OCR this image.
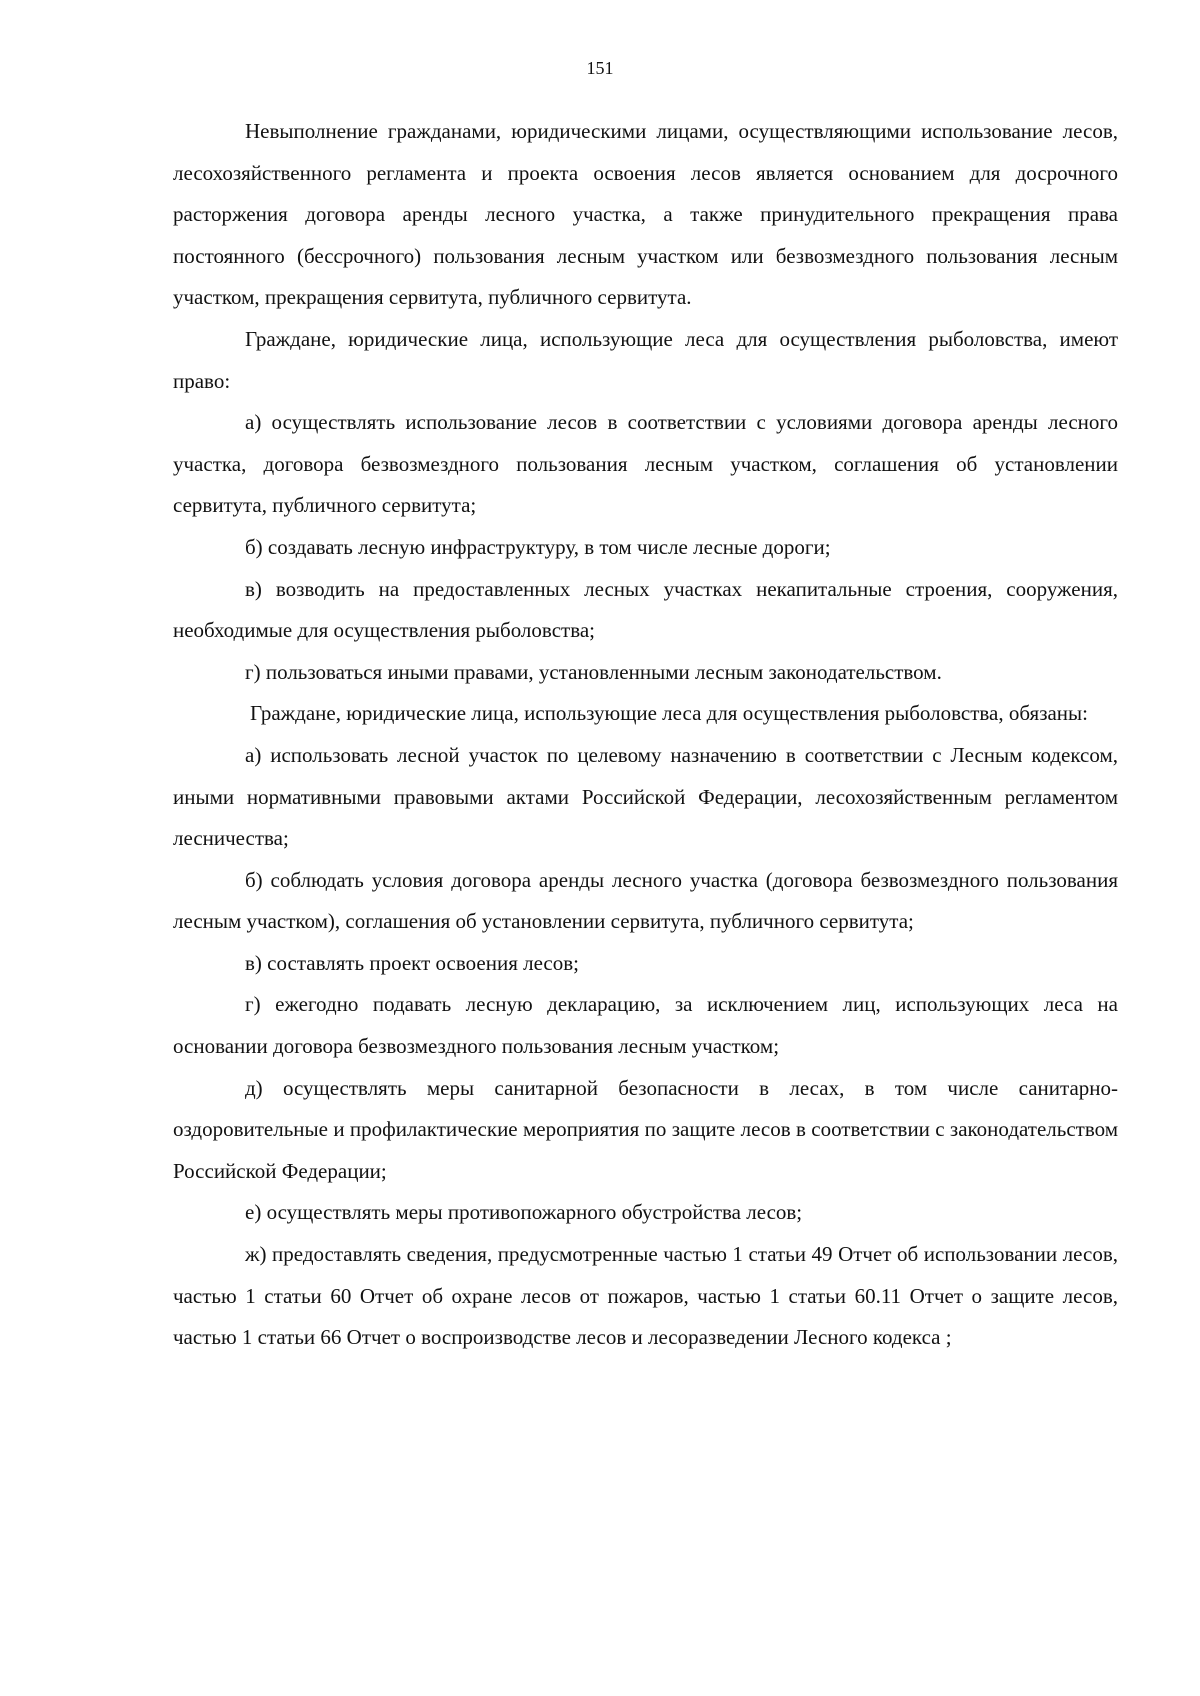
151

Невыполнение гражданами, юридическими лицами, осуществляющими использование лесов, лесохозяйственного регламента и проекта освоения лесов является основанием для досрочного расторжения договора аренды лесного участка, а также принудительного прекращения права постоянного (бессрочного) пользования лесным участком или безвозмездного пользования лесным участком, прекращения сервитута, публичного сервитута.

Граждане, юридические лица, использующие леса для осуществления рыболовства, имеют право:

а) осуществлять использование лесов в соответствии с условиями договора аренды лесного участка, договора безвозмездного пользования лесным участком, соглашения об установлении сервитута, публичного сервитута;

б) создавать лесную инфраструктуру, в том числе лесные дороги;

в) возводить на предоставленных лесных участках некапитальные строения, сооружения, необходимые для осуществления рыболовства;

г) пользоваться иными правами, установленными лесным законодательством.

Граждане, юридические лица, использующие леса для осуществления рыболовства, обязаны:

а) использовать лесной участок по целевому назначению в соответствии с Лесным кодексом, иными нормативными правовыми актами Российской Федерации, лесохозяйственным регламентом лесничества;

б) соблюдать условия договора аренды лесного участка (договора безвозмездного пользования лесным участком), соглашения об установлении сервитута, публичного сервитута;

в) составлять проект освоения лесов;

г) ежегодно подавать лесную декларацию, за исключением лиц, использующих леса на основании договора безвозмездного пользования лесным участком;

д) осуществлять меры санитарной безопасности в лесах, в том числе санитарно-оздоровительные и профилактические мероприятия по защите лесов в соответствии с законодательством Российской Федерации;

е) осуществлять меры противопожарного обустройства лесов;

ж) предоставлять сведения, предусмотренные частью 1 статьи 49 Отчет об использовании лесов, частью 1 статьи 60 Отчет об охране лесов от пожаров, частью 1 статьи 60.11 Отчет о защите лесов, частью 1 статьи 66 Отчет о воспроизводстве лесов и лесоразведении Лесного кодекса ;
